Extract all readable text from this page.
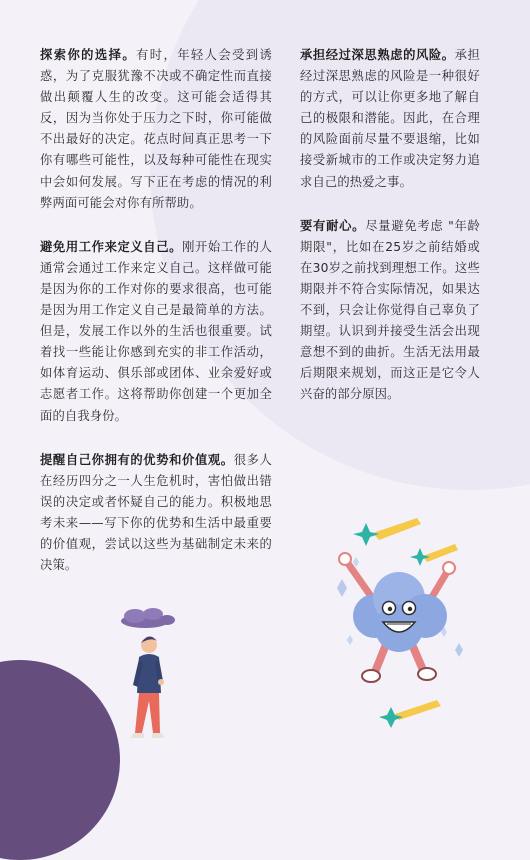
探索你的选择。有时，年轻人会受到诱惑，为了克服犹豫不决或不确定性而直接做出颠覆人生的改变。这可能会适得其反，因为当你处于压力之下时，你可能做不出最好的决定。花点时间真正思考一下你有哪些可能性，以及每种可能性在现实中会如何发展。写下正在考虑的情况的利弊两面可能会对你有所帮助。

避免用工作来定义自己。刚开始工作的人通常会通过工作来定义自己。这样做可能是因为你的工作对你的要求很高，也可能是因为用工作定义自己是最简单的方法。但是，发展工作以外的生活也很重要。试着找一些能让你感到充实的非工作活动，如体育运动、俱乐部或团体、业余爱好或志愿者工作。这将帮助你创建一个更加全面的自我身份。

提醒自己你拥有的优势和价值观。很多人在经历四分之一人生危机时，害怕做出错误的决定或者怀疑自己的能力。积极地思考未来——写下你的优势和生活中最重要的价值观，尝试以这些为基础制定未来的决策。

承担经过深思熟虑的风险。承担经过深思熟虑的风险是一种很好的方式，可以让你更多地了解自己的极限和潜能。因此，在合理的风险面前尽量不要退缩，比如接受新城市的工作或决定努力追求自己的热爱之事。

要有耐心。尽量避免考虑 "年龄期限"，比如在25岁之前结婚或在30岁之前找到理想工作。这些期限并不符合实际情况，如果达不到，只会让你觉得自己辜负了期望。认识到并接受生活会出现意想不到的曲折。生活无法用最后期限来规划，而这正是它令人兴奋的部分原因。
